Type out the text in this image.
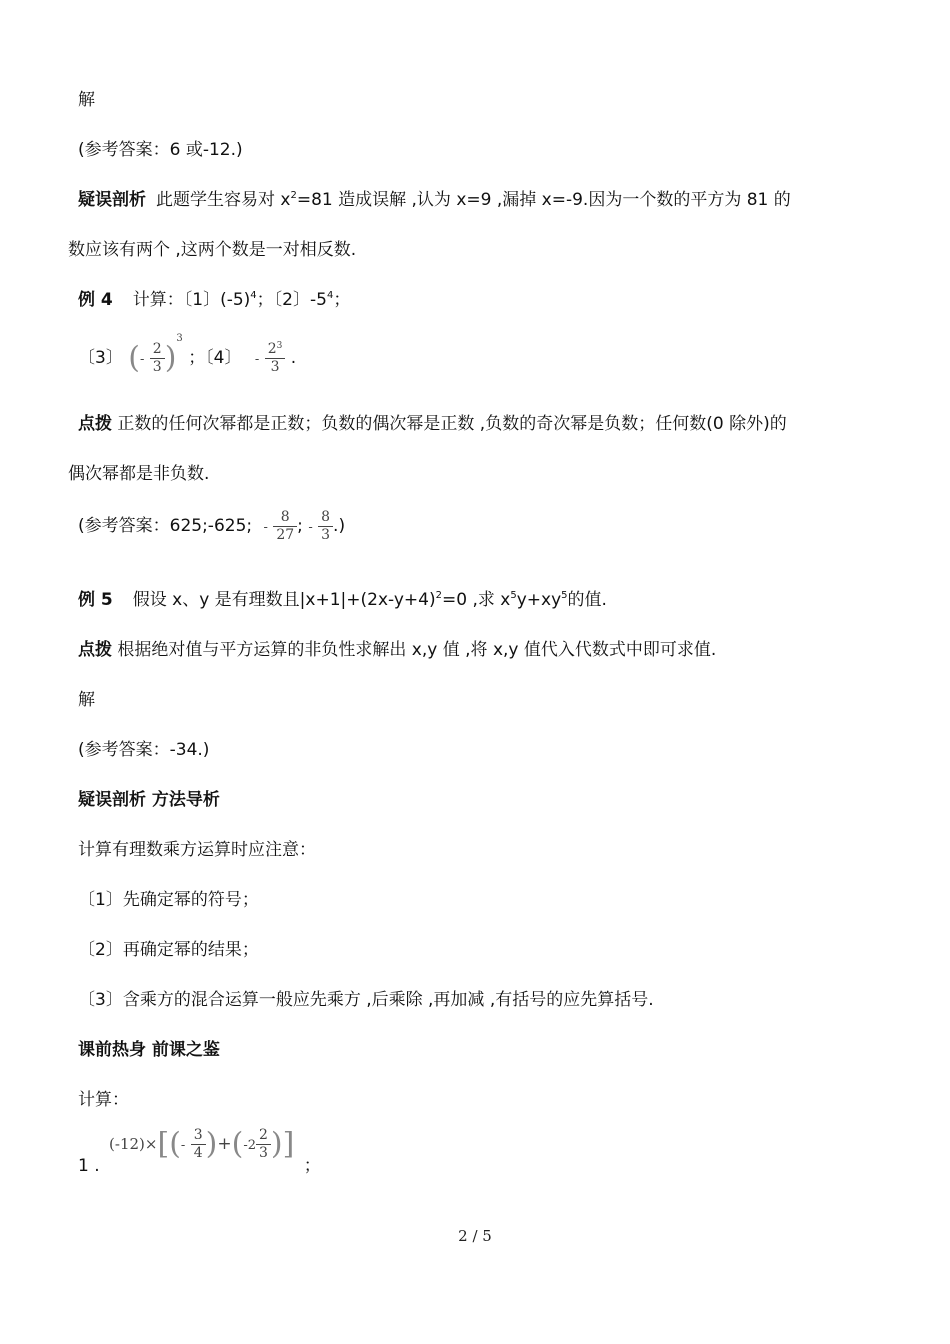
解
(参考答案：6 或-12.)
疑误剖析 此题学生容易对 $x^2=81$ 造成误解 ,认为 x=9 ,漏掉 x=-9.因为一个数的平方为 81 的
数应该有两个 ,这两个数是一对相反数.
例 4 计算：〔1〕$(-5)^4$；〔2〕$-5^4$；
〔3〕 (- $\frac{2}{3} )^3$ ；〔4〕 - $\frac{2^3}{3}$ .
点拨 正数的任何次幂都是正数；负数的偶次幂是正数 ,负数的奇次幂是负数；任何数(0 除外)的
偶次幂都是非负数.
(参考答案：625;-625; - $\frac{8}{27}$ ; - $\frac{8}{3}$ .)
例 5 假设 x、y 是有理数且$|x+1|+(2x-y+4)^2=0$ ,求 $x^5y+xy^5$的值.
点拨 根据绝对值与平方运算的非负性求解出 x,y 值 ,将 x,y 值代入代数式中即可求值.
解
(参考答案：-34.)
疑误剖析 方法导析
计算有理数乘方运算时应注意：
〔1〕先确定幂的符号；
〔2〕再确定幂的结果；
〔3〕含乘方的混合运算一般应先乘方 ,后乘除 ,再加减 ,有括号的应先算括号.
课前热身 前课之鉴
计算：
1 . $(-12)\times[(- \frac{3}{4} )+(-2 \frac{2}{3}$ )] ；
2 / 5
